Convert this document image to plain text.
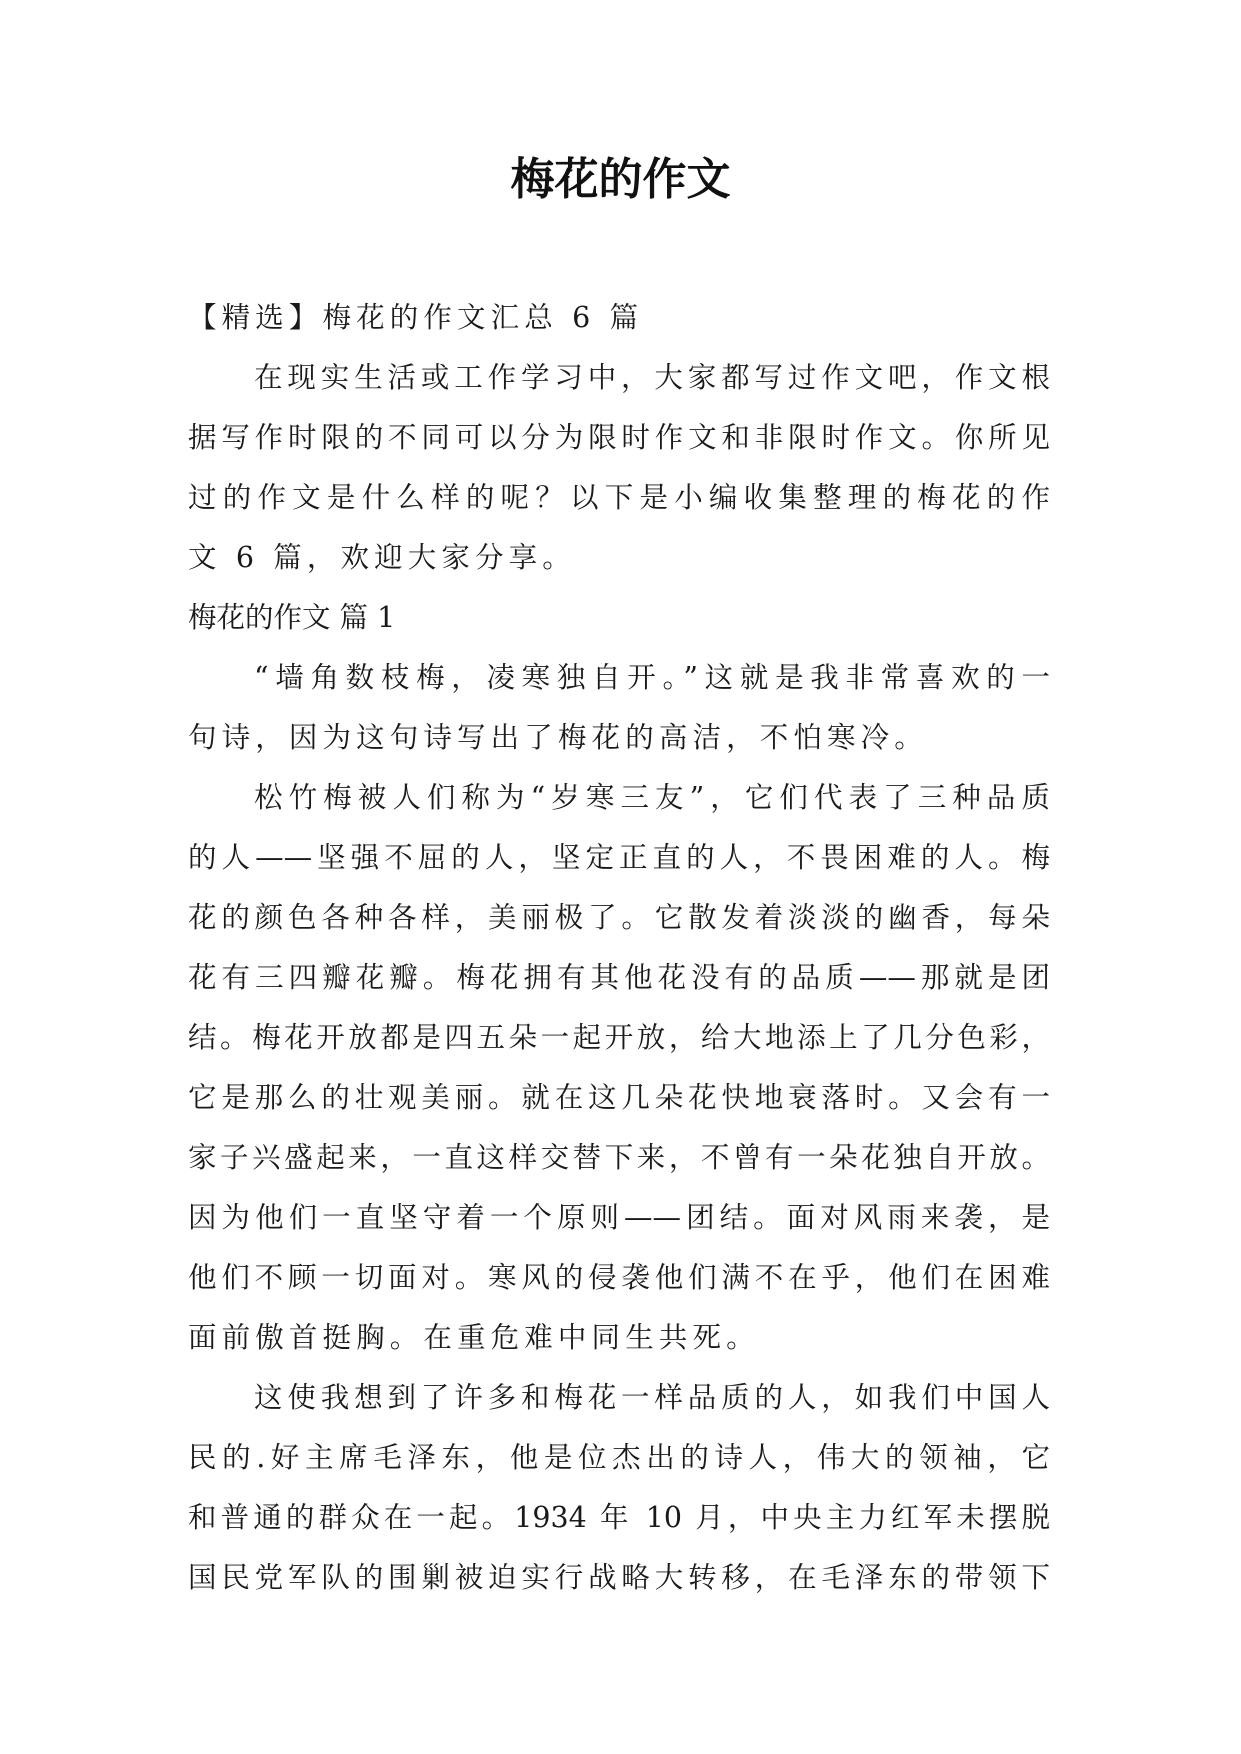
梅花的作文
【精选】梅花的作文汇总 6 篇
在现实生活或工作学习中，大家都写过作文吧，作文根
据写作时限的不同可以分为限时作文和非限时作文。你所见
过的作文是什么样的呢？以下是小编收集整理的梅花的作
文 6 篇，欢迎大家分享。
梅花的作文 篇 1
“墙角数枝梅，凌寒独自开。”这就是我非常喜欢的一
句诗，因为这句诗写出了梅花的高洁，不怕寒冷。
松竹梅被人们称为“岁寒三友”，它们代表了三种品质
的人——坚强不屈的人，坚定正直的人，不畏困难的人。梅
花的颜色各种各样，美丽极了。它散发着淡淡的幽香，每朵
花有三四瓣花瓣。梅花拥有其他花没有的品质——那就是团
结。梅花开放都是四五朵一起开放，给大地添上了几分色彩，
它是那么的壮观美丽。就在这几朵花快地衰落时。又会有一
家子兴盛起来，一直这样交替下来，不曾有一朵花独自开放。
因为他们一直坚守着一个原则——团结。面对风雨来袭，是
他们不顾一切面对。寒风的侵袭他们满不在乎，他们在困难
面前傲首挺胸。在重危难中同生共死。
这使我想到了许多和梅花一样品质的人，如我们中国人
民的.好主席毛泽东，他是位杰出的诗人，伟大的领袖，它
和普通的群众在一起。1934 年 10 月，中央主力红军未摆脱
国民党军队的围剿被迫实行战略大转移，在毛泽东的带领下
